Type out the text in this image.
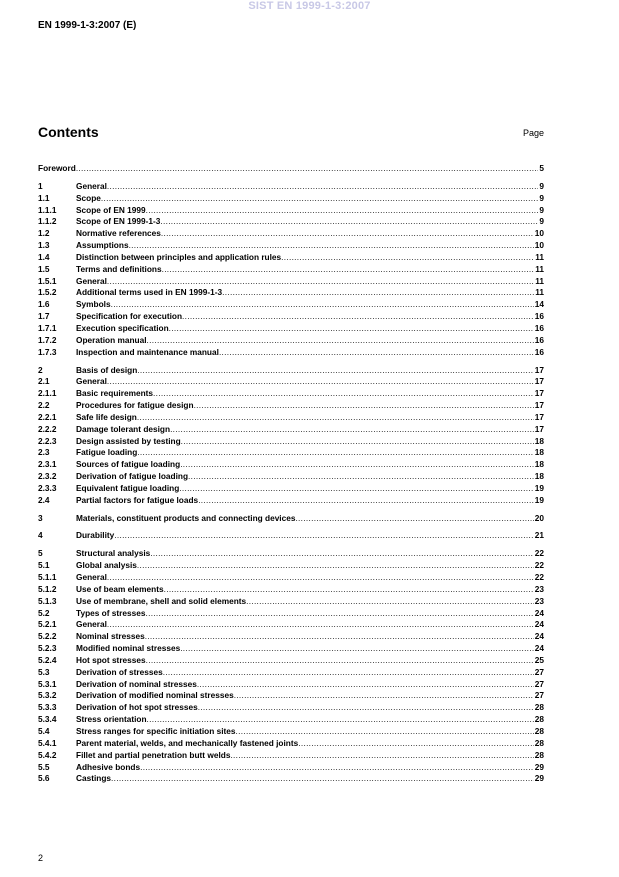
SIST EN 1999-1-3:2007
EN 1999-1-3:2007 (E)
Contents	Page
Foreword .....	5
1	General .....	9
1.1	Scope .....	9
1.1.1	Scope of EN 1999 .....	9
1.1.2	Scope of EN 1999-1-3 .....	9
1.2	Normative references .....	10
1.3	Assumptions .....	10
1.4	Distinction between principles and application rules .....	11
1.5	Terms and definitions .....	11
1.5.1	General .....	11
1.5.2	Additional terms used in EN 1999-1-3 .....	11
1.6	Symbols .....	14
1.7	Specification for execution .....	16
1.7.1	Execution specification .....	16
1.7.2	Operation manual .....	16
1.7.3	Inspection and maintenance manual .....	16
2	Basis of design .....	17
2.1	General .....	17
2.1.1	Basic requirements .....	17
2.2	Procedures for fatigue design .....	17
2.2.1	Safe life design .....	17
2.2.2	Damage tolerant design .....	17
2.2.3	Design assisted by testing .....	18
2.3	Fatigue loading .....	18
2.3.1	Sources of fatigue loading .....	18
2.3.2	Derivation of fatigue loading .....	18
2.3.3	Equivalent fatigue loading .....	19
2.4	Partial factors for fatigue loads .....	19
3	Materials, constituent products and connecting devices .....	20
4	Durability .....	21
5	Structural analysis .....	22
5.1	Global analysis .....	22
5.1.1	General .....	22
5.1.2	Use of beam elements .....	23
5.1.3	Use of membrane, shell and solid elements .....	23
5.2	Types of stresses .....	24
5.2.1	General .....	24
5.2.2	Nominal stresses .....	24
5.2.3	Modified nominal stresses .....	24
5.2.4	Hot spot stresses .....	25
5.3	Derivation of stresses .....	27
5.3.1	Derivation of nominal stresses .....	27
5.3.2	Derivation of modified nominal stresses .....	27
5.3.3	Derivation of hot spot stresses .....	28
5.3.4	Stress orientation .....	28
5.4	Stress ranges for specific initiation sites .....	28
5.4.1	Parent material, welds, and mechanically fastened joints .....	28
5.4.2	Fillet and partial penetration butt welds .....	28
5.5	Adhesive bonds .....	29
5.6	Castings .....	29
2
